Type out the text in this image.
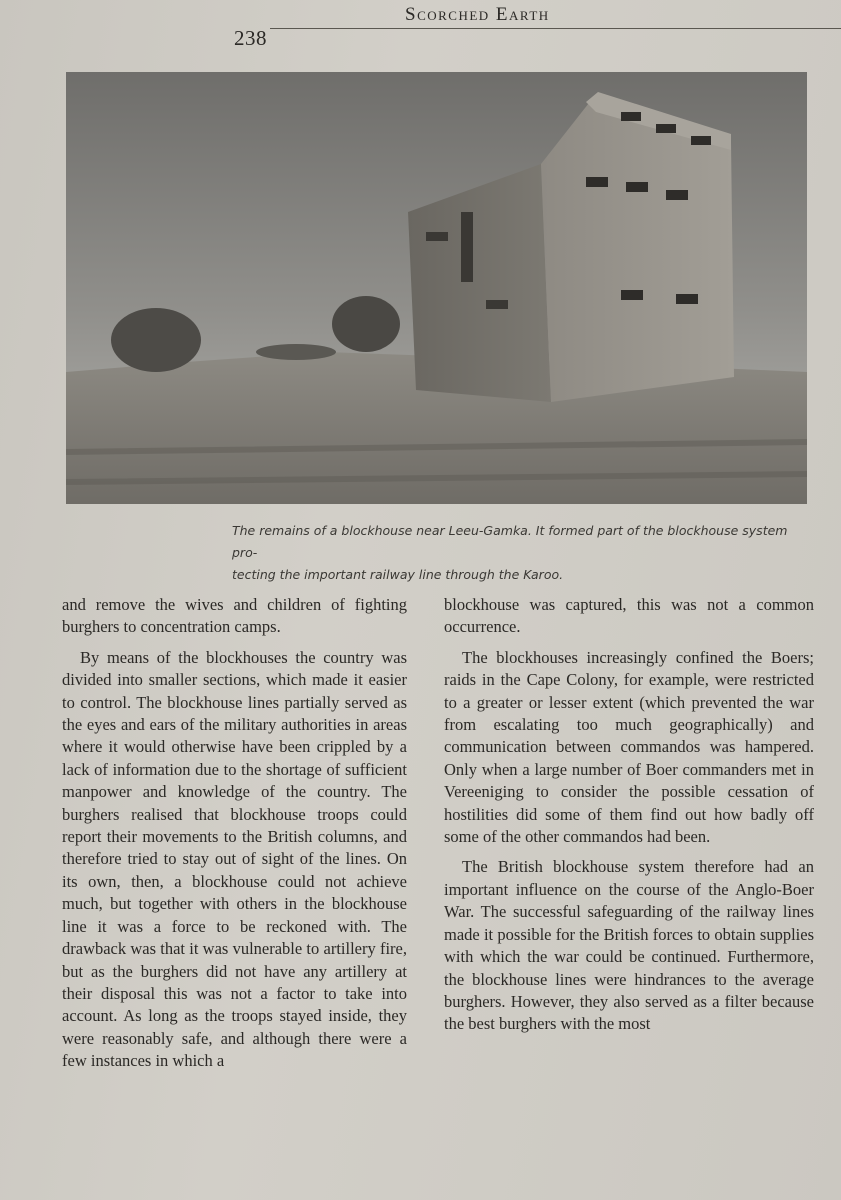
238
Scorched Earth
The remains of a blockhouse near Leeu-Gamka. It formed part of the blockhouse system pro-
tecting the important railway line through the Karoo.

and remove the wives and children of fighting burghers to concentration camps.

By means of the blockhouses the country was divided into smaller sections, which made it easier to control. The blockhouse lines partially served as the eyes and ears of the military authorities in areas where it would otherwise have been crippled by a lack of information due to the shortage of sufficient manpower and knowledge of the country. The burghers realised that blockhouse troops could report their movements to the British columns, and therefore tried to stay out of sight of the lines. On its own, then, a blockhouse could not achieve much, but together with others in the blockhouse line it was a force to be reckoned with. The drawback was that it was vulnerable to artillery fire, but as the burghers did not have any artillery at their disposal this was not a factor to take into account. As long as the troops stayed inside, they were reasonably safe, and although there were a few instances in which a

blockhouse was captured, this was not a common occurrence.

The blockhouses increasingly confined the Boers; raids in the Cape Colony, for example, were restricted to a greater or lesser extent (which prevented the war from escalating too much geographically) and communication between commandos was hampered. Only when a large number of Boer commanders met in Vereeniging to consider the possible cessation of hostilities did some of them find out how badly off some of the other commandos had been.

The British blockhouse system therefore had an important influence on the course of the Anglo-Boer War. The successful safeguarding of the railway lines made it possible for the British forces to obtain supplies with which the war could be continued. Furthermore, the blockhouse lines were hindrances to the average burghers. However, they also served as a filter because the best burghers with the most
